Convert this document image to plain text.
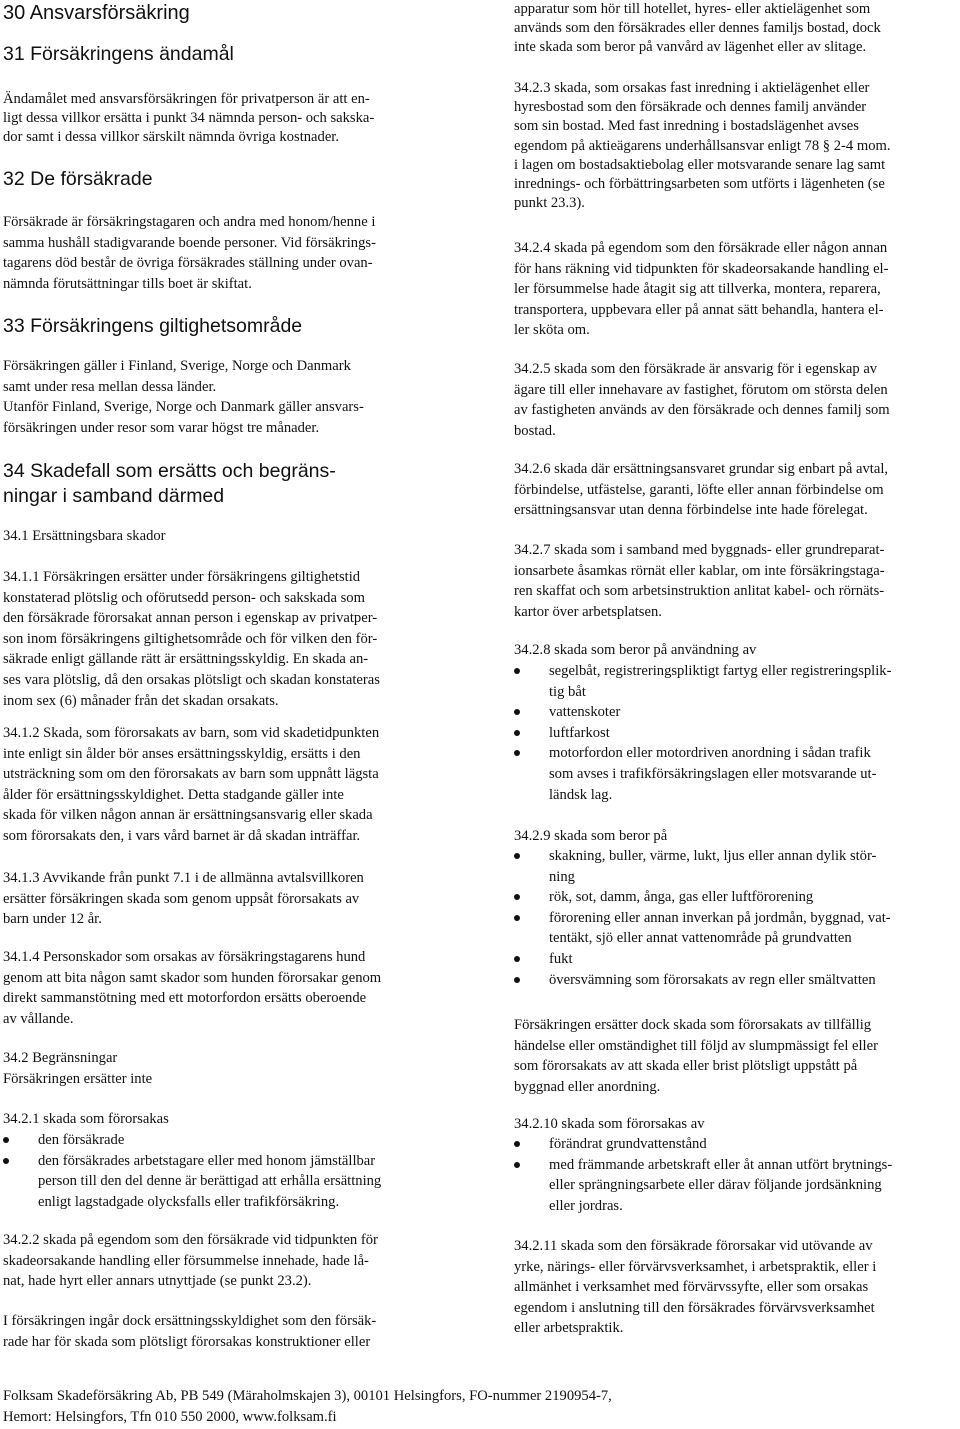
30 Ansvarsförsäkring
31 Försäkringens ändamål

Ändamålet med ansvarsförsäkringen för privatperson är att en-
ligt dessa villkor ersätta i punkt 34 nämnda person- och sakska-
dor samt i dessa villkor särskilt nämnda övriga kostnader.

32 De försäkrade

Försäkrade är försäkringstagaren och andra med honom/henne i
samma hushåll stadigvarande boende personer. Vid försäkrings-
tagarens död består de övriga försäkrades ställning under ovan-
nämnda förutsättningar tills boet är skiftat.

33 Försäkringens giltighetsområde

Försäkringen gäller i Finland, Sverige, Norge och Danmark
samt under resa mellan dessa länder.
Utanför Finland, Sverige, Norge och Danmark gäller ansvars-
försäkringen under resor som varar högst tre månader.

34 Skadefall som ersätts och begräns-
ningar i samband därmed

34.1 Ersättningsbara skador

34.1.1 Försäkringen ersätter under försäkringens giltighetstid
konstaterad plötslig och oförutsedd person- och sakskada som
den försäkrade förorsakat annan person i egenskap av privatper-
son inom försäkringens giltighetsområde och för vilken den för-
säkrade enligt gällande rätt är ersättningsskyldig. En skada an-
ses vara plötslig, då den orsakas plötsligt och skadan konstateras
inom sex (6) månader från det skadan orsakats.

34.1.2 Skada, som förorsakats av barn, som vid skadetidpunkten
inte enligt sin ålder bör anses ersättningsskyldig, ersätts i den
utsträckning som om den förorsakats av barn som uppnått lägsta
ålder för ersättningsskyldighet. Detta stadgande gäller inte
skada för vilken någon annan är ersättningsansvarig eller skada
som förorsakats den, i vars vård barnet är då skadan inträffar.

34.1.3 Avvikande från punkt 7.1 i de allmänna avtalsvillkoren
ersätter försäkringen skada som genom uppsåt förorsakats av
barn under 12 år.

34.1.4 Personskador som orsakas av försäkringstagarens hund
genom att bita någon samt skador som hunden förorsakar genom
direkt sammanstötning med ett motorfordon ersätts oberoende
av vållande.

34.2 Begränsningar
Försäkringen ersätter inte

34.2.1 skada som förorsakas

den försäkrade
den försäkrades arbetstagare eller med honom jämställbar
person till den del denne är berättigad att erhålla ersättning
enligt lagstadgade olycksfalls eller trafikförsäkring.

34.2.2 skada på egendom som den försäkrade vid tidpunkten för
skadeorsakande handling eller försummelse innehade, hade lå-
nat, hade hyrt eller annars utnyttjade (se punkt 23.2).

I försäkringen ingår dock ersättningsskyldighet som den försäk-
rade har för skada som plötsligt förorsakas konstruktioner eller

apparatur som hör till hotellet, hyres- eller aktielägenhet som
används som den försäkrades eller dennes familjs bostad, dock
inte skada som beror på vanvård av lägenhet eller av slitage.

34.2.3 skada, som orsakas fast inredning i aktielägenhet eller
hyresbostad som den försäkrade och dennes familj använder
som sin bostad. Med fast inredning i bostadslägenhet avses
egendom på aktieägarens underhållsansvar enligt 78 § 2-4 mom.
i lagen om bostadsaktiebolag eller motsvarande senare lag samt
inrednings- och förbättringsarbeten som utförts i lägenheten (se
punkt 23.3).

34.2.4 skada på egendom som den försäkrade eller någon annan
för hans räkning vid tidpunkten för skadeorsakande handling el-
ler försummelse hade åtagit sig att tillverka, montera, reparera,
transportera, uppbevara eller på annat sätt behandla, hantera el-
ler sköta om.

34.2.5 skada som den försäkrade är ansvarig för i egenskap av
ägare till eller innehavare av fastighet, förutom om största delen
av fastigheten används av den försäkrade och dennes familj som
bostad.

34.2.6 skada där ersättningsansvaret grundar sig enbart på avtal,
förbindelse, utfästelse, garanti, löfte eller annan förbindelse om
ersättningsansvar utan denna förbindelse inte hade förelegat.

34.2.7 skada som i samband med byggnads- eller grundreparat-
ionsarbete åsamkas rörnät eller kablar, om inte försäkringstaga-
ren skaffat och som arbetsinstruktion anlitat kabel- och rörnäts-
kartor över arbetsplatsen.

34.2.8 skada som beror på användning av

segelbåt, registreringspliktigt fartyg eller registreringsplik-
tig båt
vattenskoter
luftfarkost
motorfordon eller motordriven anordning i sådan trafik
som avses i trafikförsäkringslagen eller motsvarande ut-
ländsk lag.

34.2.9 skada som beror på

skakning, buller, värme, lukt, ljus eller annan dylik stör-
ning
rök, sot, damm, ånga, gas eller luftförorening
förorening eller annan inverkan på jordmån, byggnad, vat-
tentäkt, sjö eller annat vattenområde på grundvatten
fukt
översvämning som förorsakats av regn eller smältvatten

Försäkringen ersätter dock skada som förorsakats av tillfällig
händelse eller omständighet till följd av slumpmässigt fel eller
som förorsakats av att skada eller brist plötsligt uppstått på
byggnad eller anordning.

34.2.10 skada som förorsakas av

förändrat grundvattenstånd
med främmande arbetskraft eller åt annan utfört brytnings-
eller sprängningsarbete eller därav följande jordsänkning
eller jordras.

34.2.11 skada som den försäkrade förorsakar vid utövande av
yrke, närings- eller förvärvsverksamhet, i arbetspraktik, eller i
allmänhet i verksamhet med förvärvssyfte, eller som orsakas
egendom i anslutning till den försäkrades förvärvsverksamhet
eller arbetspraktik.

Folksam Skadeförsäkring Ab, PB 549 (Märaholmskajen 3), 00101 Helsingfors, FO-nummer 2190954-7,
Hemort: Helsingfors, Tfn 010 550 2000, www.folksam.fi
